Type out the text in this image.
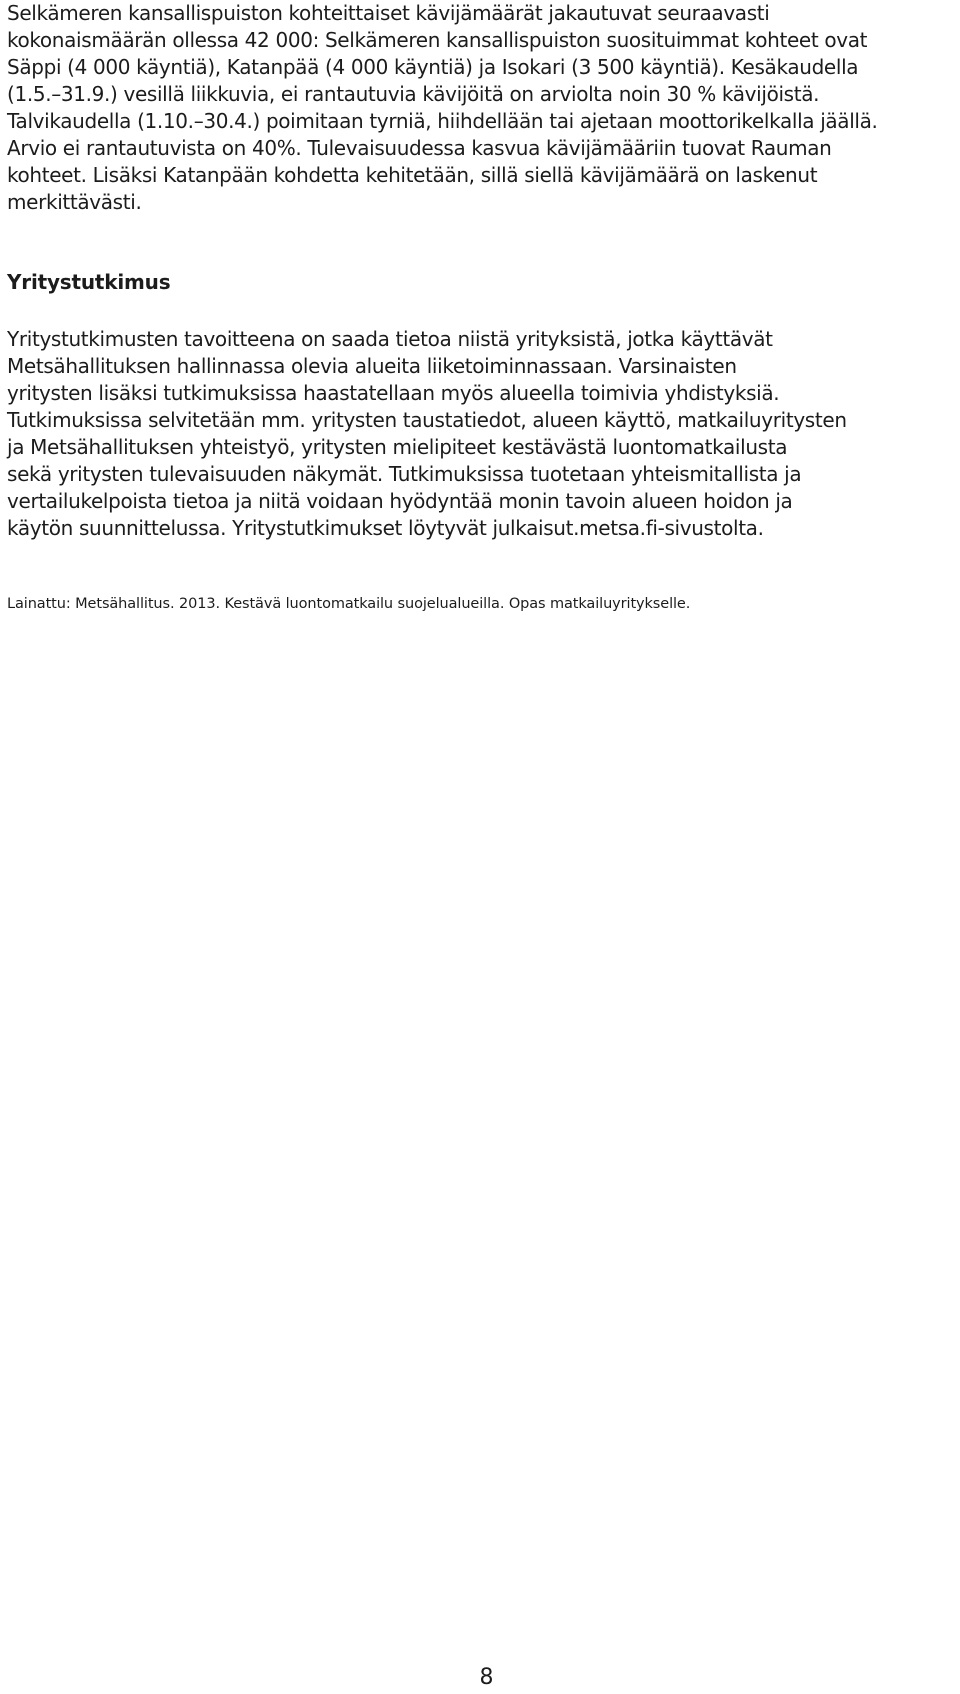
Selkämeren kansallispuiston kohteittaiset kävijämäärät jakautuvat seuraavasti
kokonaismäärän ollessa 42 000: Selkämeren kansallispuiston suosituimmat kohteet ovat
Säppi (4 000 käyntiä), Katanpää (4 000 käyntiä) ja Isokari (3 500 käyntiä). Kesäkaudella
(1.5.–31.9.) vesillä liikkuvia, ei rantautuvia kävijöitä on arviolta noin 30 % kävijöistä.
Talvikaudella (1.10.–30.4.) poimitaan tyrniä, hiihdellään tai ajetaan moottorikelkalla jäällä.
Arvio ei rantautuvista on 40%. Tulevaisuudessa kasvua kävijämääriin tuovat Rauman
kohteet. Lisäksi Katanpään kohdetta kehitetään, sillä siellä kävijämäärä on laskenut
merkittävästi.

Yritystutkimus

Yritystutkimusten tavoitteena on saada tietoa niistä yrityksistä, jotka käyttävät
Metsähallituksen hallinnassa olevia alueita liiketoiminnassaan. Varsinaisten
yritysten lisäksi tutkimuksissa haastatellaan myös alueella toimivia yhdistyksiä.
Tutkimuksissa selvitetään mm. yritysten taustatiedot, alueen käyttö, matkailuyritysten
ja Metsähallituksen yhteistyö, yritysten mielipiteet kestävästä luontomatkailusta
sekä yritysten tulevaisuuden näkymät. Tutkimuksissa tuotetaan yhteismitallista ja
vertailukelpoista tietoa ja niitä voidaan hyödyntää monin tavoin alueen hoidon ja
käytön suunnittelussa. Yritystutkimukset löytyvät julkaisut.metsa.fi-sivustolta.

Lainattu: Metsähallitus. 2013. Kestävä luontomatkailu suojelualueilla. Opas matkailuyritykselle.

8
